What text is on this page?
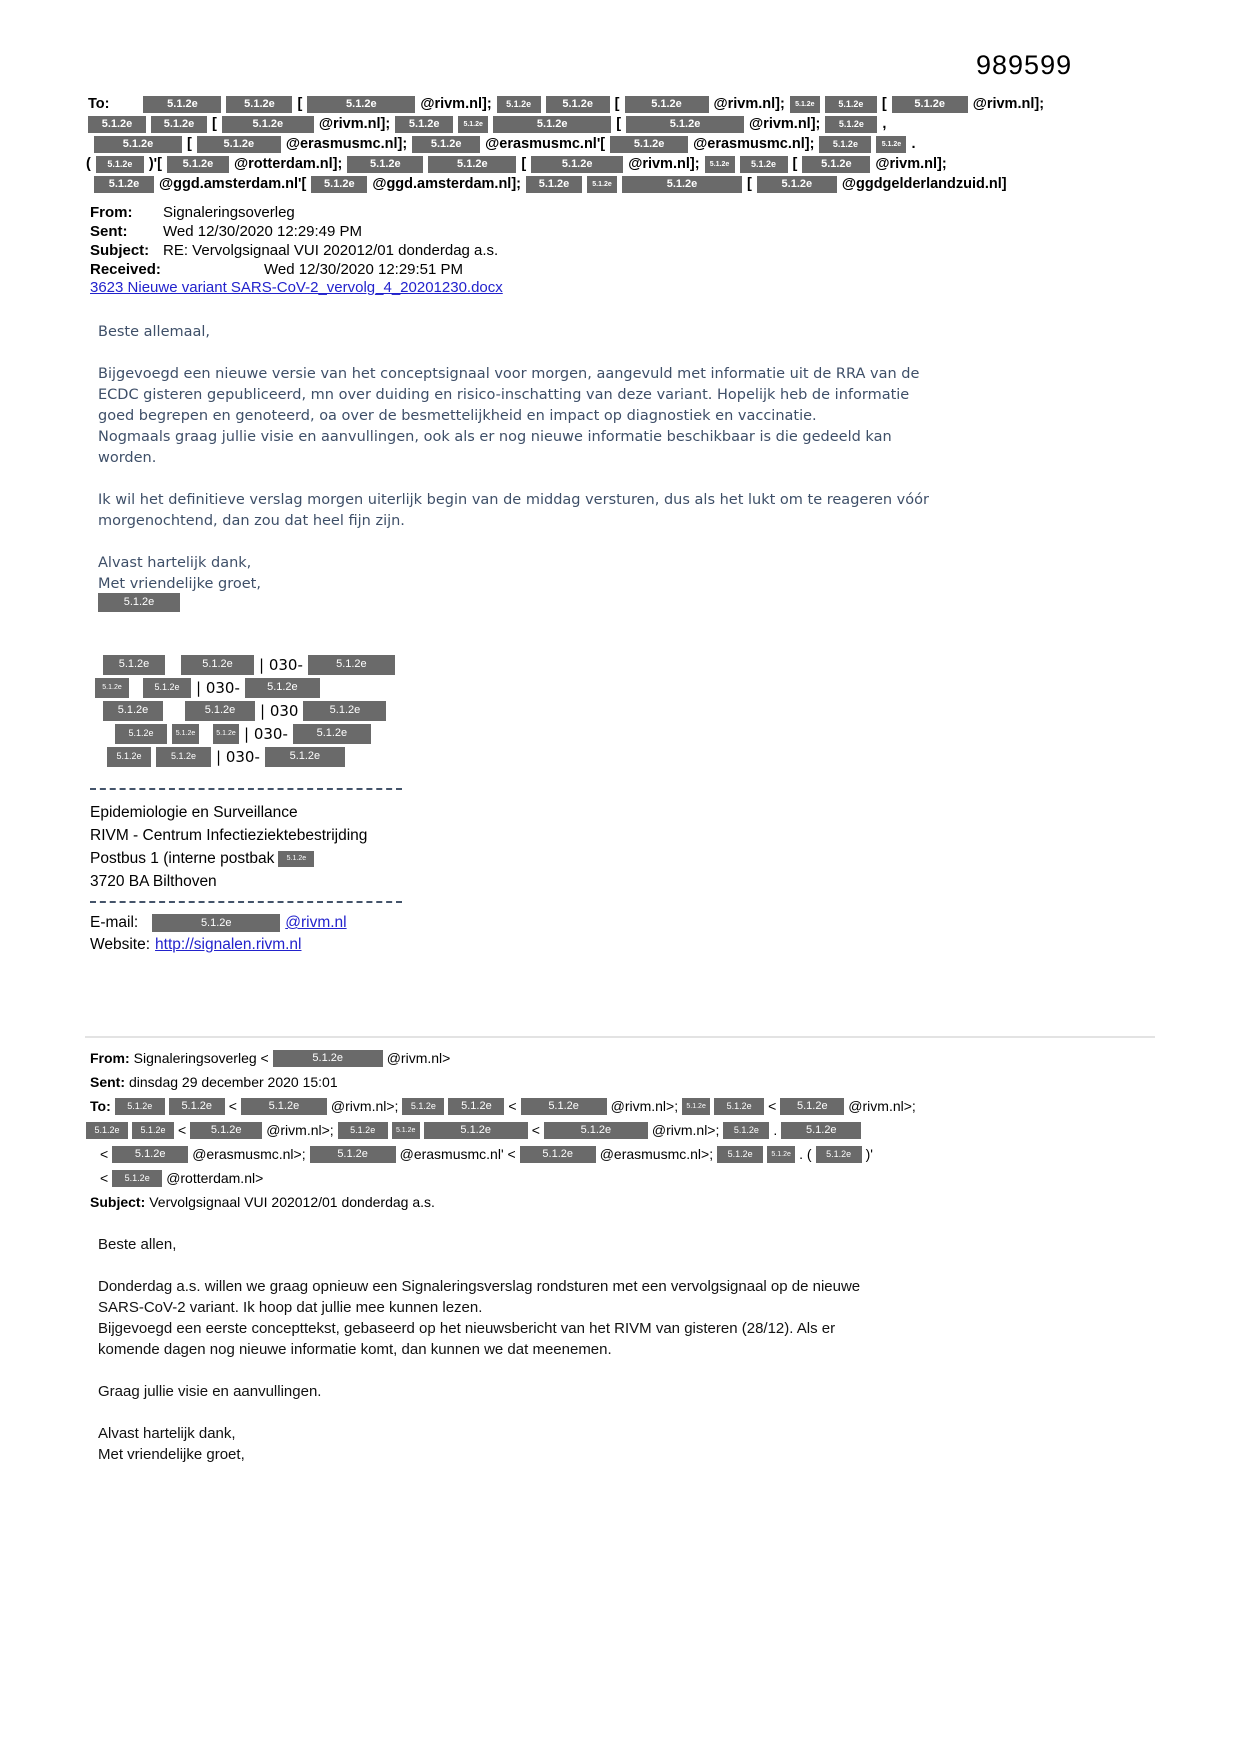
989599
To:	5.1.2e	5.1.2e	[	5.1.2e	@rivm.nl];	5.1.2e	5.1.2e	[	5.1.2e	@rivm.nl];	5.1.2e	5.1.2e	[	5.1.2e	@rivm.nl];
5.1.2e	5.1.2e	[	5.1.2e	@rivm.nl];	5.1.2e	5.1.2e	5.1.2e	[	5.1.2e	@rivm.nl];	5.1.2e	,
5.1.2e	[	5.1.2e	@erasmusmc.nl];	5.1.2e	@erasmusmc.nl'[	5.1.2e	@erasmusmc.nl];	5.1.2e	5.1.2e .
(	5.1.2e	)'[	5.1.2e	@rotterdam.nl];	5.1.2e	5.1.2e	[	5.1.2e	@rivm.nl];	5.1.2e	5.1.2e	[	5.1.2e	@rivm.nl];
5.1.2e	@ggd.amsterdam.nl'[	5.1.2e	@ggd.amsterdam.nl];	5.1.2e	5.1.2e	5.1.2e	[	5.1.2e	@ggdgelderlandzuid.nl]
From:	Signaleringsoverleg
Sent:	Wed 12/30/2020 12:29:49 PM
Subject: RE: Vervolgsignaal VUI 202012/01 donderdag a.s.
Received:	Wed 12/30/2020 12:29:51 PM
3623 Nieuwe variant SARS-CoV-2_vervolg_4_20201230.docx
Beste allemaal,

Bijgevoegd een nieuwe versie van het conceptsignaal voor morgen, aangevuld met informatie uit de RRA van de
ECDC gisteren gepubliceerd, mn over duiding en risico-inschatting van deze variant. Hopelijk heb de informatie
goed begrepen en genoteerd, oa over de besmettelijkheid en impact op diagnostiek en vaccinatie.
Nogmaals graag jullie visie en aanvullingen, ook als er nog nieuwe informatie beschikbaar is die gedeeld kan
worden.

Ik wil het definitieve verslag morgen uiterlijk begin van de middag versturen, dus als het lukt om te reageren vóór
morgenochtend, dan zou dat heel fijn zijn.

Alvast hartelijk dank,
Met vriendelijke groet,
5.1.2e
5.1.2e	5.1.2e	| 030-	5.1.2e
5.1.2e	5.1.2e	| 030-	5.1.2e
5.1.2e	5.1.2e	| 030	5.1.2e
5.1.2e	5.1.2e	5.1.2e | 030-	5.1.2e
5.1.2e	5.1.2e	| 030-	5.1.2e
Epidemiologie en Surveillance
RIVM - Centrum Infectieziektebestrijding
Postbus 1 (interne postbak	5.1.2e
3720 BA Bilthoven
E-mail:	5.1.2e	@rivm.nl
Website: http://signalen.rivm.nl
From: Signaleringsoverleg <	5.1.2e	@rivm.nl>
Sent: dinsdag 29 december 2020 15:01
To:	5.1.2e	5.1.2e	<	5.1.2e	@rivm.nl>;	5.1.2e	5.1.2e	<	5.1.2e	@rivm.nl>;	5.1.2e	5.1.2e	<	5.1.2e	@rivm.nl>;
5.1.2e	5.1.2e <	5.1.2e	@rivm.nl>;	5.1.2e	5.1.2e	5.1.2e	<	5.1.2e	@rivm.nl>;	5.1.2e	.	5.1.2e
<	5.1.2e	@erasmusmc.nl>;	5.1.2e	@erasmusmc.nl' <	5.1.2e	@erasmusmc.nl>;	5.1.2e	5.1.2e . (	5.1.2e	)'
<	5.1.2e	@rotterdam.nl>
Subject: Vervolgsignaal VUI 202012/01 donderdag a.s.
Beste allen,

Donderdag a.s. willen we graag opnieuw een Signaleringsverslag rondsturen met een vervolgsignaal op de nieuwe
SARS-CoV-2 variant. Ik hoop dat jullie mee kunnen lezen.
Bijgevoegd een eerste concepttekst, gebaseerd op het nieuwsbericht van het RIVM van gisteren (28/12). Als er
komende dagen nog nieuwe informatie komt, dan kunnen we dat meenemen.

Graag jullie visie en aanvullingen.

Alvast hartelijk dank,
Met vriendelijke groet,
